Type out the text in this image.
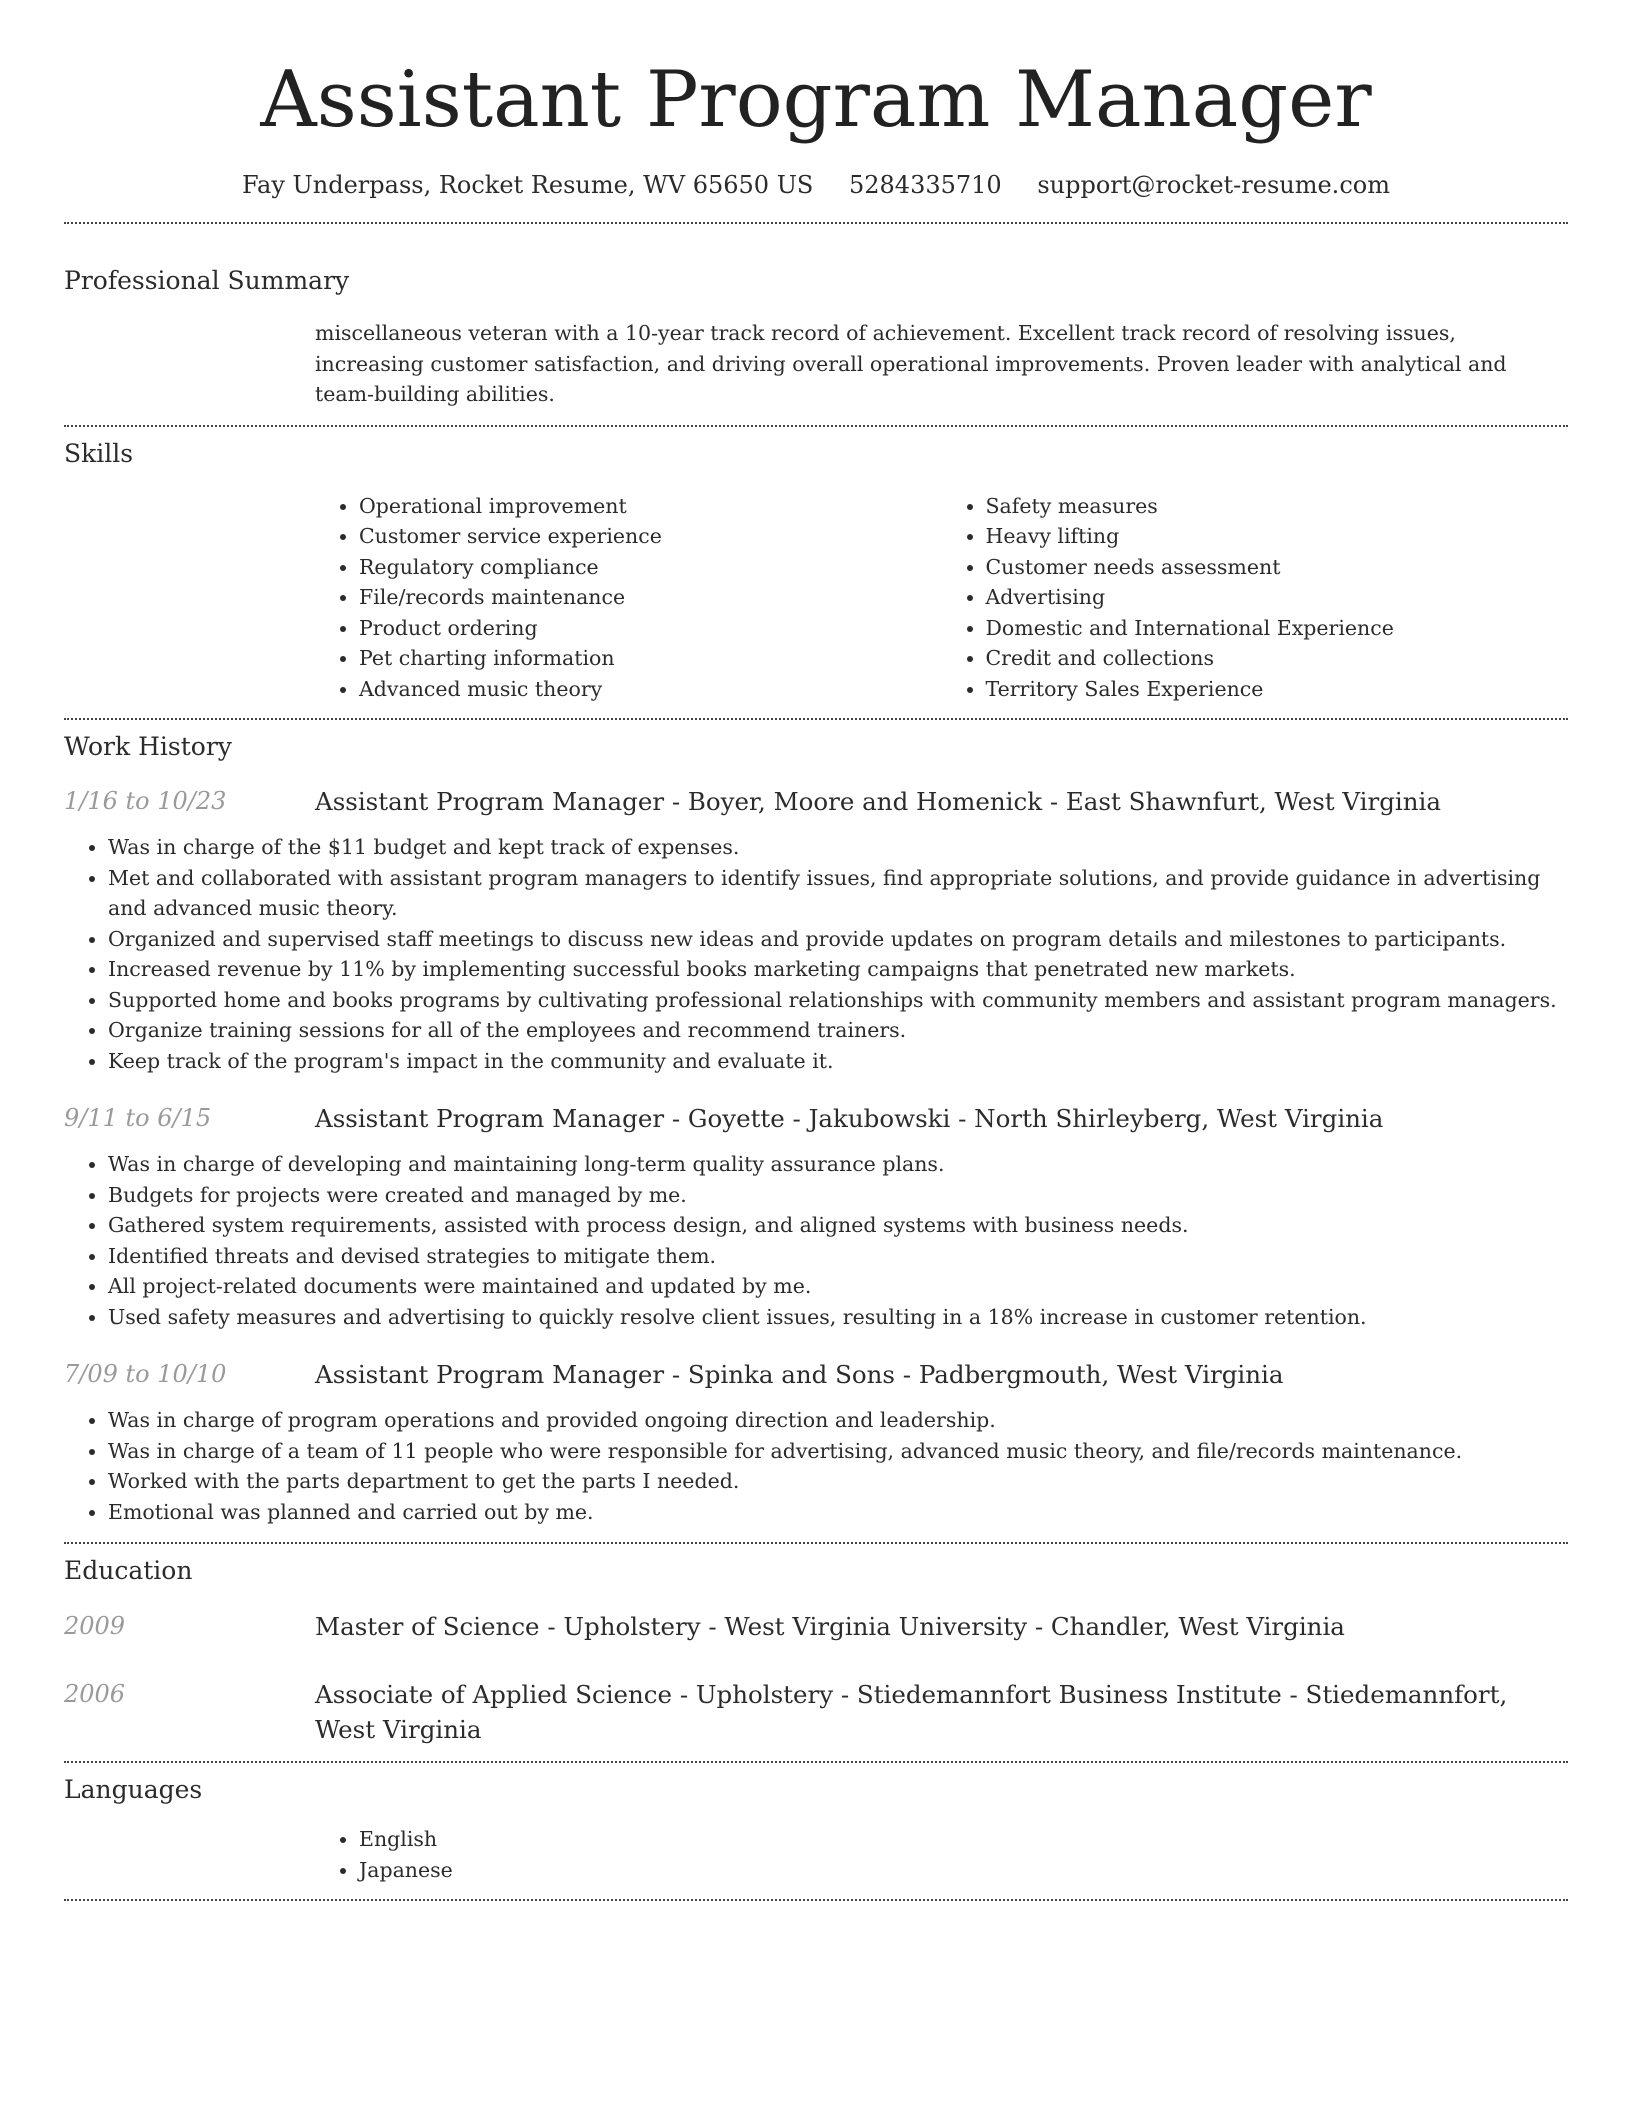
Assistant Program Manager
Fay Underpass, Rocket Resume, WV 65650 US 5284335710 support@rocket-resume.com
Professional Summary

miscellaneous veteran with a 10-year track record of achievement. Excellent track record of resolving issues, increasing customer satisfaction, and driving overall operational improvements. Proven leader with analytical and team-building abilities.

Skills
• Operational improvement
• Customer service experience
• Regulatory compliance
• File/records maintenance
• Product ordering
• Pet charting information
• Advanced music theory
• Safety measures
• Heavy lifting
• Customer needs assessment
• Advertising
• Domestic and International Experience
• Credit and collections
• Territory Sales Experience
Work History
1/16 to 10/23	Assistant Program Manager - Boyer, Moore and Homenick - East Shawnfurt, West Virginia
• Was in charge of the $11 budget and kept track of expenses.
• Met and collaborated with assistant program managers to identify issues, find appropriate solutions, and provide guidance in advertising and advanced music theory.
• Organized and supervised staff meetings to discuss new ideas and provide updates on program details and milestones to participants.
• Increased revenue by 11% by implementing successful books marketing campaigns that penetrated new markets.
• Supported home and books programs by cultivating professional relationships with community members and assistant program managers.
• Organize training sessions for all of the employees and recommend trainers.
• Keep track of the program's impact in the community and evaluate it.
9/11 to 6/15	Assistant Program Manager - Goyette - Jakubowski - North Shirleyberg, West Virginia
• Was in charge of developing and maintaining long-term quality assurance plans.
• Budgets for projects were created and managed by me.
• Gathered system requirements, assisted with process design, and aligned systems with business needs.
• Identified threats and devised strategies to mitigate them.
• All project-related documents were maintained and updated by me.
• Used safety measures and advertising to quickly resolve client issues, resulting in a 18% increase in customer retention.
7/09 to 10/10	Assistant Program Manager - Spinka and Sons - Padbergmouth, West Virginia
• Was in charge of program operations and provided ongoing direction and leadership.
• Was in charge of a team of 11 people who were responsible for advertising, advanced music theory, and file/records maintenance.
• Worked with the parts department to get the parts I needed.
• Emotional was planned and carried out by me.
Education
2009	Master of Science - Upholstery - West Virginia University - Chandler, West Virginia
2006	Associate of Applied Science - Upholstery - Stiedemannfort Business Institute - Stiedemannfort, West Virginia
Languages
• English
• Japanese
